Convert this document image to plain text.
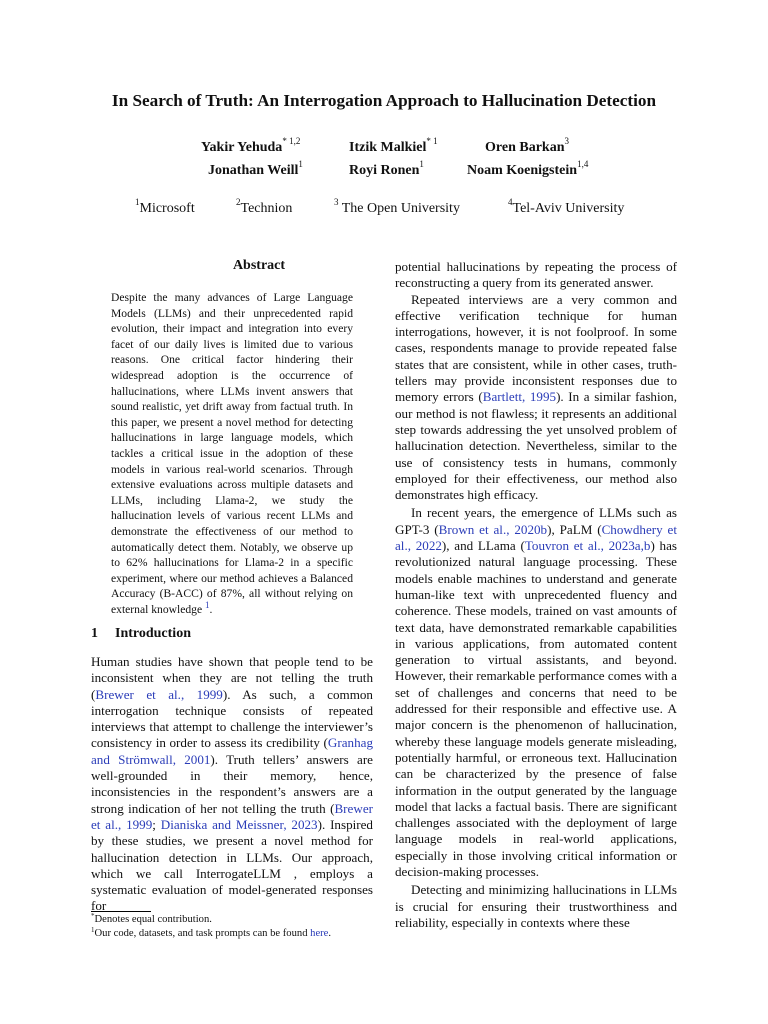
In Search of Truth: An Interrogation Approach to Hallucination Detection
Yakir Yehuda$^{* 1,2}$	Itzik Malkiel$^{* 1}$	Oren Barkan$^3$
Jonathan Weill$^1$	Royi Ronen$^1$	Noam Koenigstein$^{1,4}$
$^1$Microsoft	$^2$Technion	$^3$ The Open University	$^4$Tel-Aviv University
Abstract
Despite the many advances of Large Language Models (LLMs) and their unprecedented rapid evolution, their impact and integration into every facet of our daily lives is limited due to various reasons. One critical factor hindering their widespread adoption is the occurrence of hallucinations, where LLMs invent answers that sound realistic, yet drift away from factual truth. In this paper, we present a novel method for detecting hallucinations in large language models, which tackles a critical issue in the adoption of these models in various real-world scenarios. Through extensive evaluations across multiple datasets and LLMs, including Llama-2, we study the hallucination levels of various recent LLMs and demonstrate the effectiveness of our method to automatically detect them. Notably, we observe up to 62% hallucinations for Llama-2 in a specific experiment, where our method achieves a Balanced Accuracy (B-ACC) of 87%, all without relying on external knowledge $^1$.
1 Introduction

Human studies have shown that people tend to be inconsistent when they are not telling the truth (Brewer et al., 1999). As such, a common interrogation technique consists of repeated interviews that attempt to challenge the interviewer’s consistency in order to assess its credibility (Granhag and Strömwall, 2001). Truth tellers’ answers are well-grounded in their memory, hence, inconsistencies in the respondent’s answers are a strong indication of her not telling the truth (Brewer et al., 1999; Dianiska and Meissner, 2023). Inspired by these studies, we present a novel method for hallucination detection in LLMs. Our approach, which we call InterrogateLLM , employs a systematic evaluation of model-generated responses for

*Denotes equal contribution.
$^1$Our code, datasets, and task prompts can be found here.

potential hallucinations by repeating the process of reconstructing a query from its generated answer.

Repeated interviews are a very common and effective verification technique for human interrogations, however, it is not foolproof. In some cases, respondents manage to provide repeated false states that are consistent, while in other cases, truth-tellers may provide inconsistent responses due to memory errors (Bartlett, 1995). In a similar fashion, our method is not flawless; it represents an additional step towards addressing the yet unsolved problem of hallucination detection. Nevertheless, similar to the use of consistency tests in humans, commonly employed for their effectiveness, our method also demonstrates high efficacy.

In recent years, the emergence of LLMs such as GPT-3 (Brown et al., 2020b), PaLM (Chowdhery et al., 2022), and LLama (Touvron et al., 2023a,b) has revolutionized natural language processing. These models enable machines to understand and generate human-like text with unprecedented fluency and coherence. These models, trained on vast amounts of text data, have demonstrated remarkable capabilities in various applications, from automated content generation to virtual assistants, and beyond. However, their remarkable performance comes with a set of challenges and concerns that need to be addressed for their responsible and effective use. A major concern is the phenomenon of hallucination, whereby these language models generate misleading, potentially harmful, or erroneous text. Hallucination can be characterized by the presence of false information in the output generated by the language model that lacks a factual basis. There are significant challenges associated with the deployment of large language models in real-world applications, especially in those involving critical information or decision-making processes.

Detecting and minimizing hallucinations in LLMs is crucial for ensuring their trustworthiness and reliability, especially in contexts where these
